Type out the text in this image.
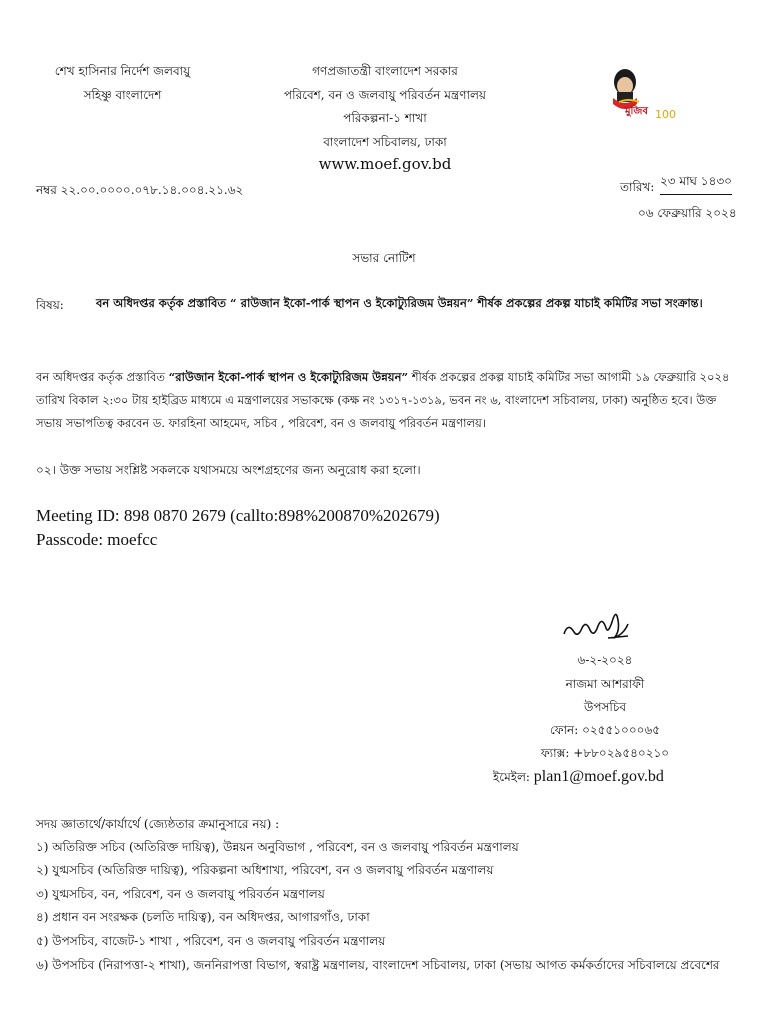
শেখ হাসিনার নির্দেশ জলবায়ু
সহিষ্ণু বাংলাদেশ
গণপ্রজাতন্ত্রী বাংলাদেশ সরকার
পরিবেশ, বন ও জলবায়ু পরিবর্তন মন্ত্রণালয়
পরিকল্পনা-১ শাখা
বাংলাদেশ সচিবালয়, ঢাকা
www.moef.gov.bd
মুজিব 100
নম্বর ২২.০০.০০০০.০৭৮.১৪.০০৪.২১.৬২	তারিখ: ২৩ মাঘ ১৪৩০
০৬ ফেব্রুয়ারি ২০২৪
সভার নোটিশ
বিষয়:	বন অধিদপ্তর কর্তৃক প্রস্তাবিত “ রাউজান ইকো-পার্ক স্থাপন ও ইকোট্যুরিজম উন্নয়ন” শীর্ষক প্রকল্পের প্রকল্প যাচাই কমিটির সভা সংক্রান্ত।
বন অধিদপ্তর কর্তৃক প্রস্তাবিত “রাউজান ইকো-পার্ক স্থাপন ও ইকোট্যুরিজম উন্নয়ন” শীর্ষক প্রকল্পের প্রকল্প যাচাই কমিটির সভা আগামী ১৯ ফেব্রুয়ারি ২০২৪ তারিখ বিকাল ২:৩০ টায় হাইব্রিড মাধ্যমে এ মন্ত্রণালয়ের সভাকক্ষে (কক্ষ নং ১৩১৭-১৩১৯, ভবন নং ৬, বাংলাদেশ সচিবালয়, ঢাকা) অনুষ্ঠিত হবে। উক্ত সভায় সভাপতিত্ব করবেন ড. ফারহিনা আহমেদ, সচিব , পরিবেশ, বন ও জলবায়ু পরিবর্তন মন্ত্রণালয়।
০২। উক্ত সভায় সংশ্লিষ্ট সকলকে যথাসময়ে অংশগ্রহণের জন্য অনুরোধ করা হলো।
Meeting ID: 898 0870 2679 (callto:898%200870%202679)
Passcode: moefcc
৬-২-২০২৪
নাজমা আশরাফী
উপসচিব
ফোন: ০২৫৫১০০০৬৫
ফ্যাক্স: +৮৮০২৯৫৪০২১০
ইমেইল: plan1@moef.gov.bd
সদয় জ্ঞাতার্থে/কার্যার্থে (জ্যেষ্ঠতার ক্রমানুসারে নয়) :
১) অতিরিক্ত সচিব (অতিরিক্ত দায়িত্ব), উন্নয়ন অনুবিভাগ , পরিবেশ, বন ও জলবায়ু পরিবর্তন মন্ত্রণালয়
২) যুগ্মসচিব (অতিরিক্ত দায়িত্ব), পরিকল্পনা অধিশাখা, পরিবেশ, বন ও জলবায়ু পরিবর্তন মন্ত্রণালয়
৩) যুগ্মসচিব, বন, পরিবেশ, বন ও জলবায়ু পরিবর্তন মন্ত্রণালয়
৪) প্রধান বন সংরক্ষক (চলতি দায়িত্ব), বন অধিদপ্তর, আগারগাঁও, ঢাকা
৫) উপসচিব, বাজেট-১ শাখা , পরিবেশ, বন ও জলবায়ু পরিবর্তন মন্ত্রণালয়
৬) উপসচিব (নিরাপত্তা-২ শাখা), জননিরাপত্তা বিভাগ, স্বরাষ্ট্র মন্ত্রণালয়, বাংলাদেশ সচিবালয়, ঢাকা (সভায় আগত কর্মকর্তাদের সচিবালয়ে প্রবেশের
